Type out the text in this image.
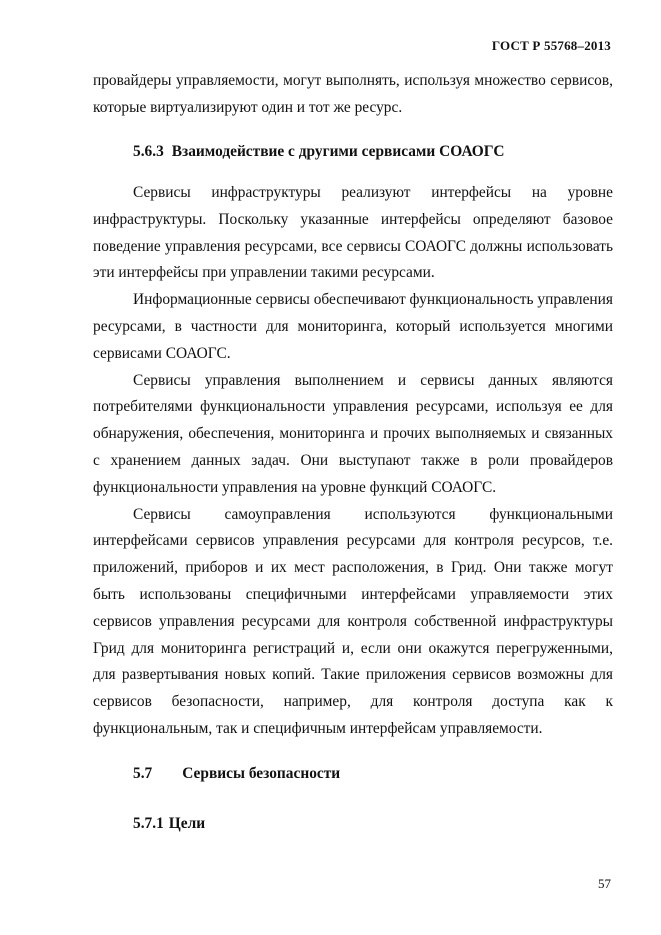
ГОСТ Р 55768–2013

провайдеры управляемости, могут выполнять, используя множество сервисов, которые виртуализируют один и тот же ресурс.

5.6.3 Взаимодействие с другими сервисами СОАОГС

Сервисы инфраструктуры реализуют интерфейсы на уровне инфраструктуры. Поскольку указанные интерфейсы определяют базовое поведение управления ресурсами, все сервисы СОАОГС должны использовать эти интерфейсы при управлении такими ресурсами.

Информационные сервисы обеспечивают функциональность управления ресурсами, в частности для мониторинга, который используется многими сервисами СОАОГС.

Сервисы управления выполнением и сервисы данных являются потребителями функциональности управления ресурсами, используя ее для обнаружения, обеспечения, мониторинга и прочих выполняемых и связанных с хранением данных задач. Они выступают также в роли провайдеров функциональности управления на уровне функций СОАОГС.

Сервисы самоуправления используются функциональными интерфейсами сервисов управления ресурсами для контроля ресурсов, т.е. приложений, приборов и их мест расположения, в Грид. Они также могут быть использованы специфичными интерфейсами управляемости этих сервисов управления ресурсами для контроля собственной инфраструктуры Грид для мониторинга регистраций и, если они окажутся перегруженными, для развертывания новых копий. Такие приложения сервисов возможны для сервисов безопасности, например, для контроля доступа как к функциональным, так и специфичным интерфейсам управляемости.

5.7 Сервисы безопасности
5.7.1 Цели
57
